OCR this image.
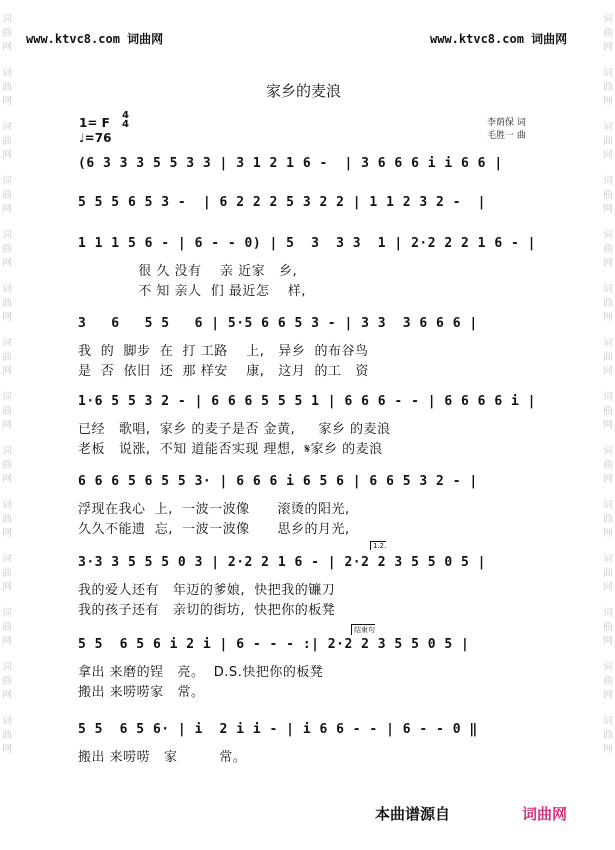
词
曲
网
词
曲
网
词
曲
网
词
曲
网
词
曲
网
词
曲
网
词
曲
网
词
曲
网
词
曲
网
词
曲
网
词
曲
网
词
曲
网
词
曲
网
词
曲
网
词
曲
网
词
曲
网
词
曲
网
词
曲
网
词
曲
网
词
曲
网
词
曲
网
词
曲
网
词
曲
网
词
曲
网
词
曲
网
词
曲
网
词
曲
网
词
曲
网
www.ktvc8.com 词曲网	www.ktvc8.com 词曲网
家乡的麦浪
1= F
4
4
♩=76
李荫保 词
毛胜一 曲
(6 3 3 3 5 5 3 3 | 3 1 2 1 6 -  | 3 6 6 6 i i 6 6 |
5 5 5 6 5 3 -  | 6 2 2 2 5 3 2 2 | 1 1 2 3 2 -  |
1 1 1 5 6 - | 6 - - 0) | 5  3  3 3  1 | 2·2 2 2 1 6 - |
很 久 没有    亲 近家   乡,
不 知 亲人  们 最近怎    样,
3   6   5 5   6 | 5·5 6 6 5 3 - | 3 3  3 6 6 6 |
我  的  脚步  在  打 工路    上,   异乡  的布谷鸟
是  否  依旧  还  那 样安    康,   这月  的工   资
1·6 5 5 3 2 - | 6 6 6 5 5 5 1 | 6 6 6 - - | 6 6 6 6 i |
已经   歌唱,  家乡 的麦子是否 金黄,     家乡 的麦浪
老板   说涨,  不知 道能否实现 理想,  𝄋家乡 的麦浪
6 6 6 5 6 5 5 3· | 6 6 6 i 6 5 6 | 6 6 5 3 2 - |
浮现在我心  上,  一波一波像      滚烫的阳光,
久久不能遗  忘,  一波一波像      思乡的月光,
3·3 3 5 5 5 0 3 | 2·2 2 1 6 - | 2·2 2 3 5 5 0 5 |
我的爱人还有   年迈的爹娘,  快把我的镰刀
我的孩子还有   亲切的街坊,  快把你的板凳
5 5  6 5 6 i 2 i | 6 - - - :| 2·2 2 3 5 5 0 5 |
拿出 来磨的锃   亮。  D.S.快把你的板凳
搬出 来唠唠家   常。
5 5  6 5 6· | i  2 i i - | i 6 6 - - | 6 - - 0 ‖
搬出 来唠唠   家         常。
1.2.
结束句
本曲谱源自	词曲网
